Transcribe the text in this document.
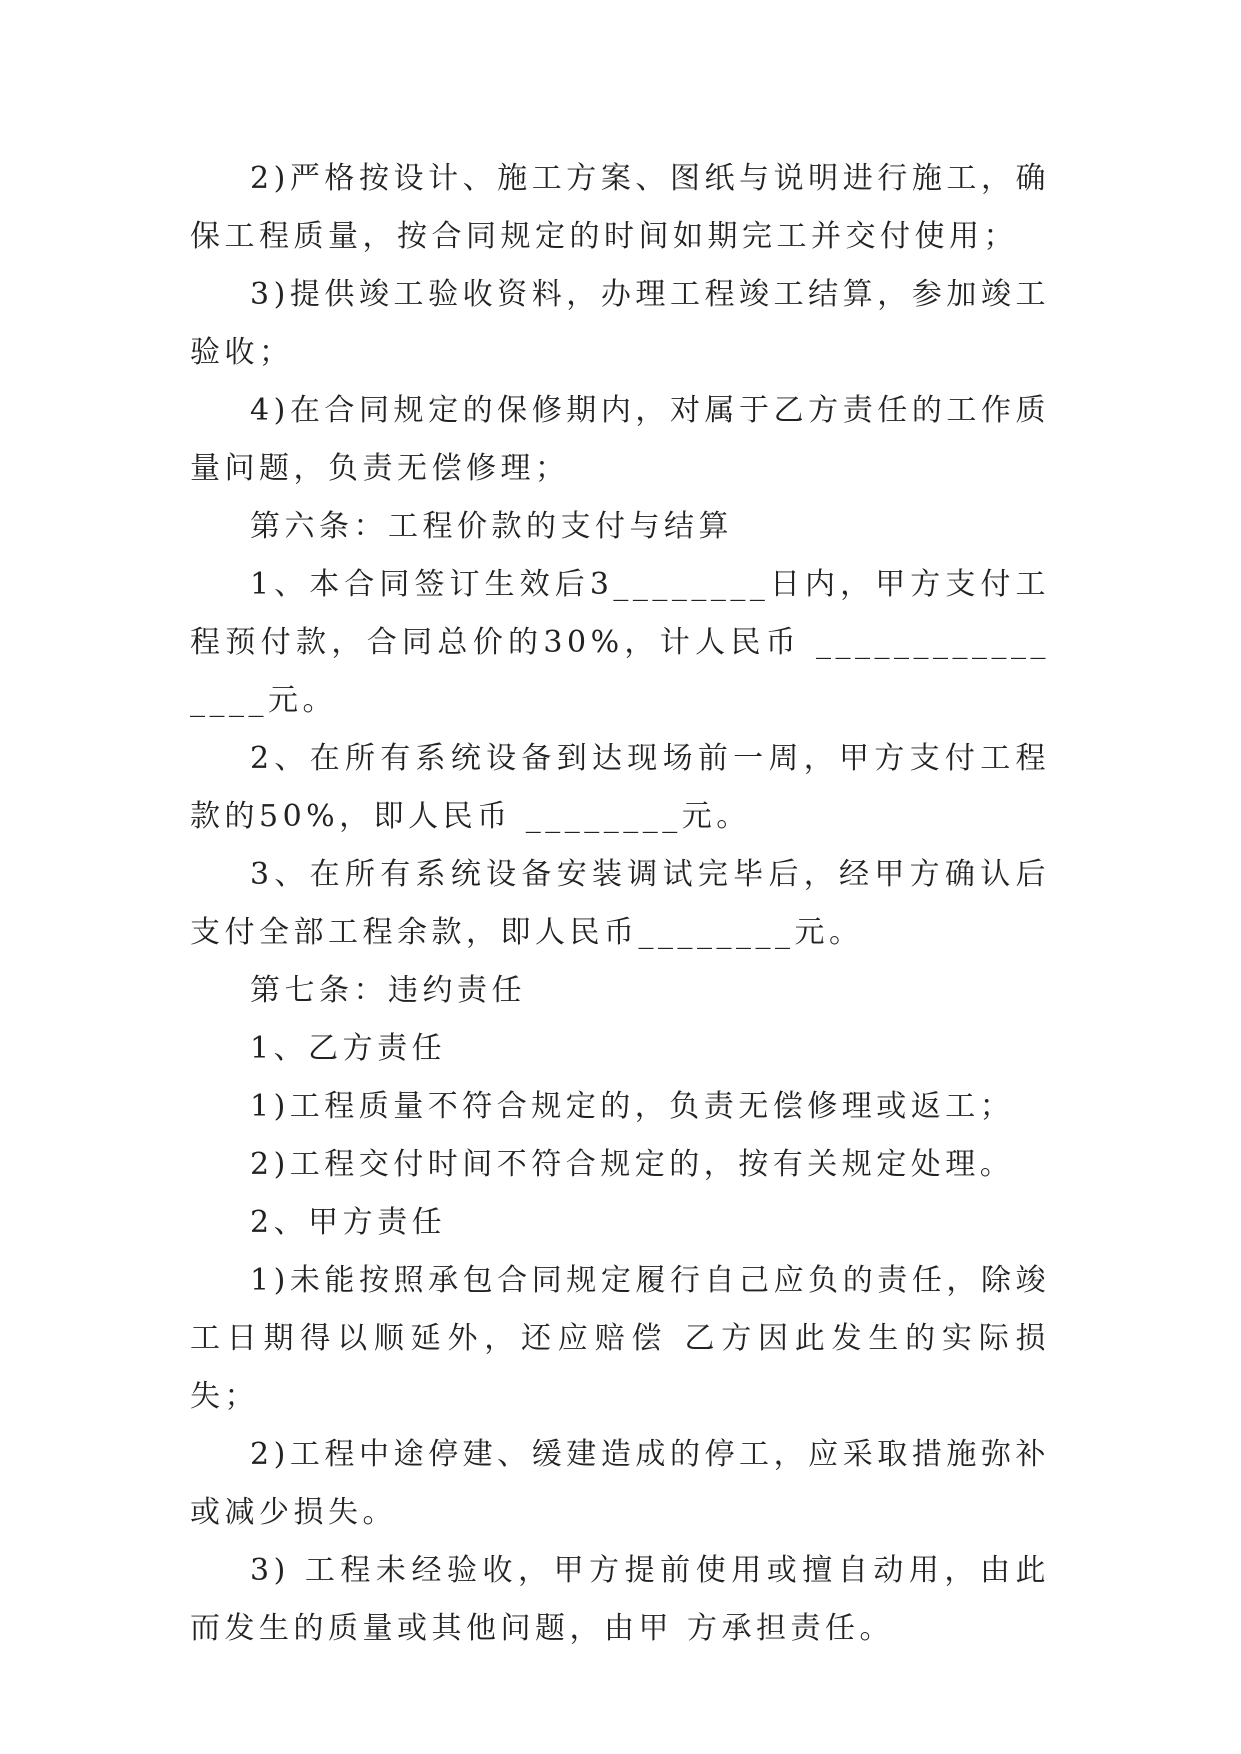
2)严格按设计、施工方案、图纸与说明进行施工，确保工程质量，按合同规定的时间如期完工并交付使用；

3)提供竣工验收资料，办理工程竣工结算，参加竣工验收；

4)在合同规定的保修期内，对属于乙方责任的工作质量问题，负责无偿修理；

第六条：工程价款的支付与结算

1、本合同签订生效后3________日内，甲方支付工程预付款，合同总价的30%，计人民币 ________________元。

2、在所有系统设备到达现场前一周，甲方支付工程款的50%，即人民币 ________元。

3、在所有系统设备安装调试完毕后，经甲方确认后支付全部工程余款，即人民币________元。

第七条：违约责任

1、乙方责任

1)工程质量不符合规定的，负责无偿修理或返工；

2)工程交付时间不符合规定的，按有关规定处理。

2、甲方责任

1)未能按照承包合同规定履行自己应负的责任，除竣工日期得以顺延外，还应赔偿 乙方因此发生的实际损失；

2)工程中途停建、缓建造成的停工，应采取措施弥补或减少损失。

3) 工程未经验收，甲方提前使用或擅自动用，由此而发生的质量或其他问题，由甲 方承担责任。
